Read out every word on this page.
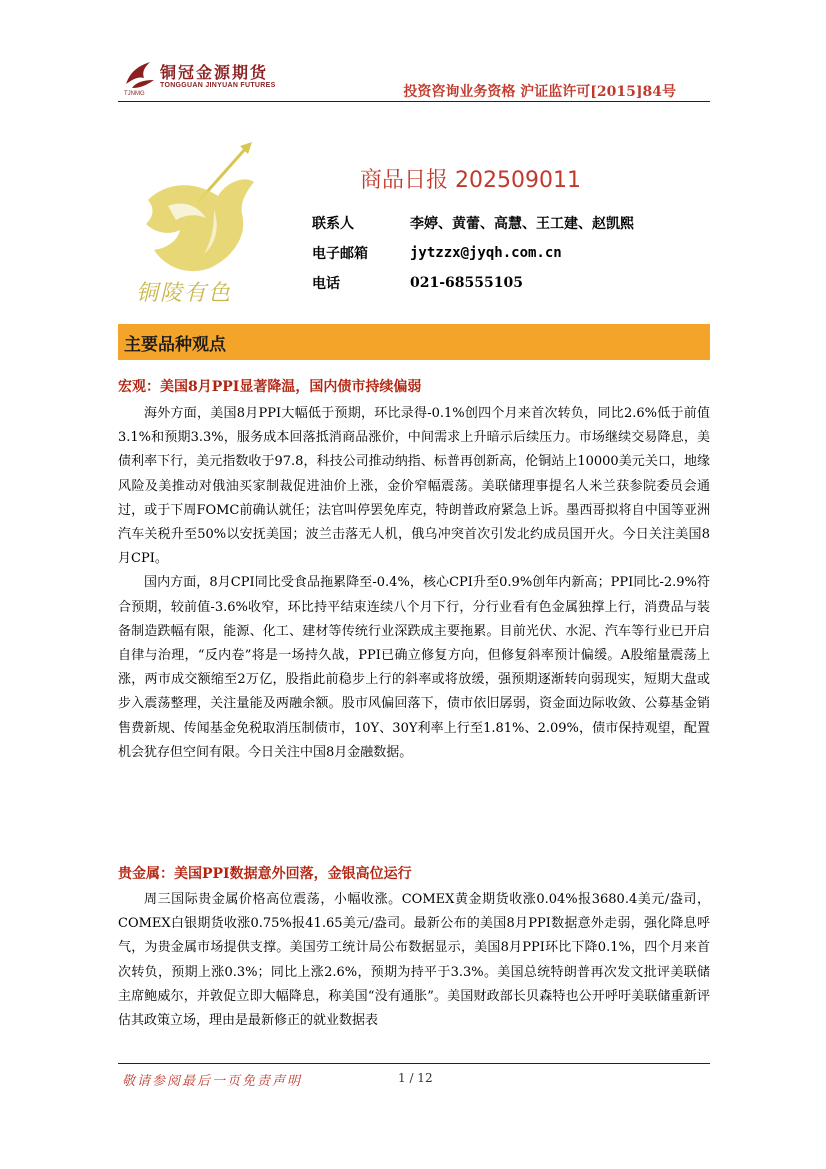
铜冠金源期货
TONGGUAN JINYUAN FUTURES
TJNMG	投资咨询业务资格 沪证监许可[2015]84号
铜陵有色
商品日报 202509011
联系人	李婷、黄蕾、高慧、王工建、赵凯熙
电子邮箱	jytzzx@jyqh.com.cn
电话	021-68555105
主要品种观点
宏观：美国8月PPI显著降温，国内债市持续偏弱

海外方面，美国8月PPI大幅低于预期，环比录得-0.1%创四个月来首次转负，同比2.6%低于前值3.1%和预期3.3%，服务成本回落抵消商品涨价，中间需求上升暗示后续压力。市场继续交易降息，美债利率下行，美元指数收于97.8，科技公司推动纳指、标普再创新高，伦铜站上10000美元关口，地缘风险及美推动对俄油买家制裁促进油价上涨，金价窄幅震荡。美联储理事提名人米兰获参院委员会通过，或于下周FOMC前确认就任；法官叫停罢免库克，特朗普政府紧急上诉。墨西哥拟将自中国等亚洲汽车关税升至50%以安抚美国；波兰击落无人机，俄乌冲突首次引发北约成员国开火。今日关注美国8月CPI。

国内方面，8月CPI同比受食品拖累降至-0.4%，核心CPI升至0.9%创年内新高；PPI同比-2.9%符合预期，较前值-3.6%收窄，环比持平结束连续八个月下行，分行业看有色金属独撑上行，消费品与装备制造跌幅有限，能源、化工、建材等传统行业深跌成主要拖累。目前光伏、水泥、汽车等行业已开启自律与治理，“反内卷”将是一场持久战，PPI已确立修复方向，但修复斜率预计偏缓。A股缩量震荡上涨，两市成交额缩至2万亿，股指此前稳步上行的斜率或将放缓，强预期逐渐转向弱现实，短期大盘或步入震荡整理，关注量能及两融余额。股市风偏回落下，债市依旧孱弱，资金面边际收敛、公募基金销售费新规、传闻基金免税取消压制债市，10Y、30Y利率上行至1.81%、2.09%，债市保持观望，配置机会犹存但空间有限。今日关注中国8月金融数据。

贵金属：美国PPI数据意外回落，金银高位运行

周三国际贵金属价格高位震荡，小幅收涨。COMEX黄金期货收涨0.04%报3680.4美元/盎司，COMEX白银期货收涨0.75%报41.65美元/盎司。最新公布的美国8月PPI数据意外走弱，强化降息呼气，为贵金属市场提供支撑。美国劳工统计局公布数据显示，美国8月PPI环比下降0.1%，四个月来首次转负，预期上涨0.3%；同比上涨2.6%，预期为持平于3.3%。美国总统特朗普再次发文批评美联储主席鲍威尔，并敦促立即大幅降息，称美国“没有通胀”。美国财政部长贝森特也公开呼吁美联储重新评估其政策立场，理由是最新修正的就业数据表

敬请参阅最后一页免责声明	1 / 12
